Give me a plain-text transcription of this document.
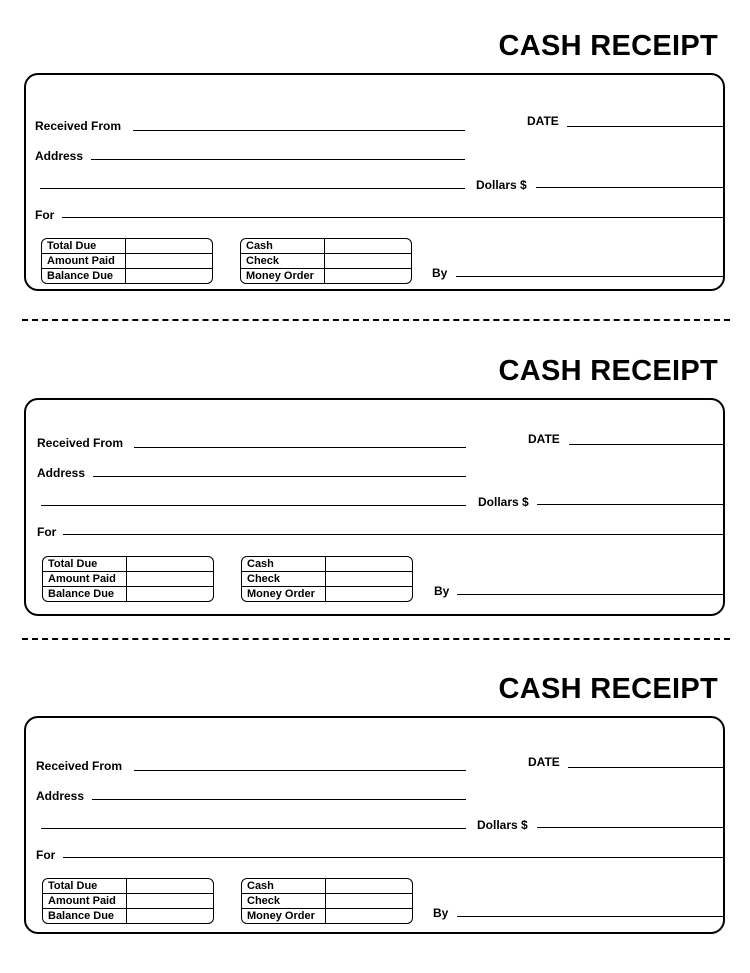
CASH RECEIPT
Received From	DATE
Address
Dollars $
For
Total Due	
Amount Paid	
Balance Due	
Cash	
Check	
Money Order		By
CASH RECEIPT
Received From	DATE
Address
Dollars $
For
Total Due	
Amount Paid	
Balance Due	
Cash	
Check	
Money Order		By
CASH RECEIPT
Received From	DATE
Address
Dollars $
For
Total Due	
Amount Paid	
Balance Due	
Cash	
Check	
Money Order		By
